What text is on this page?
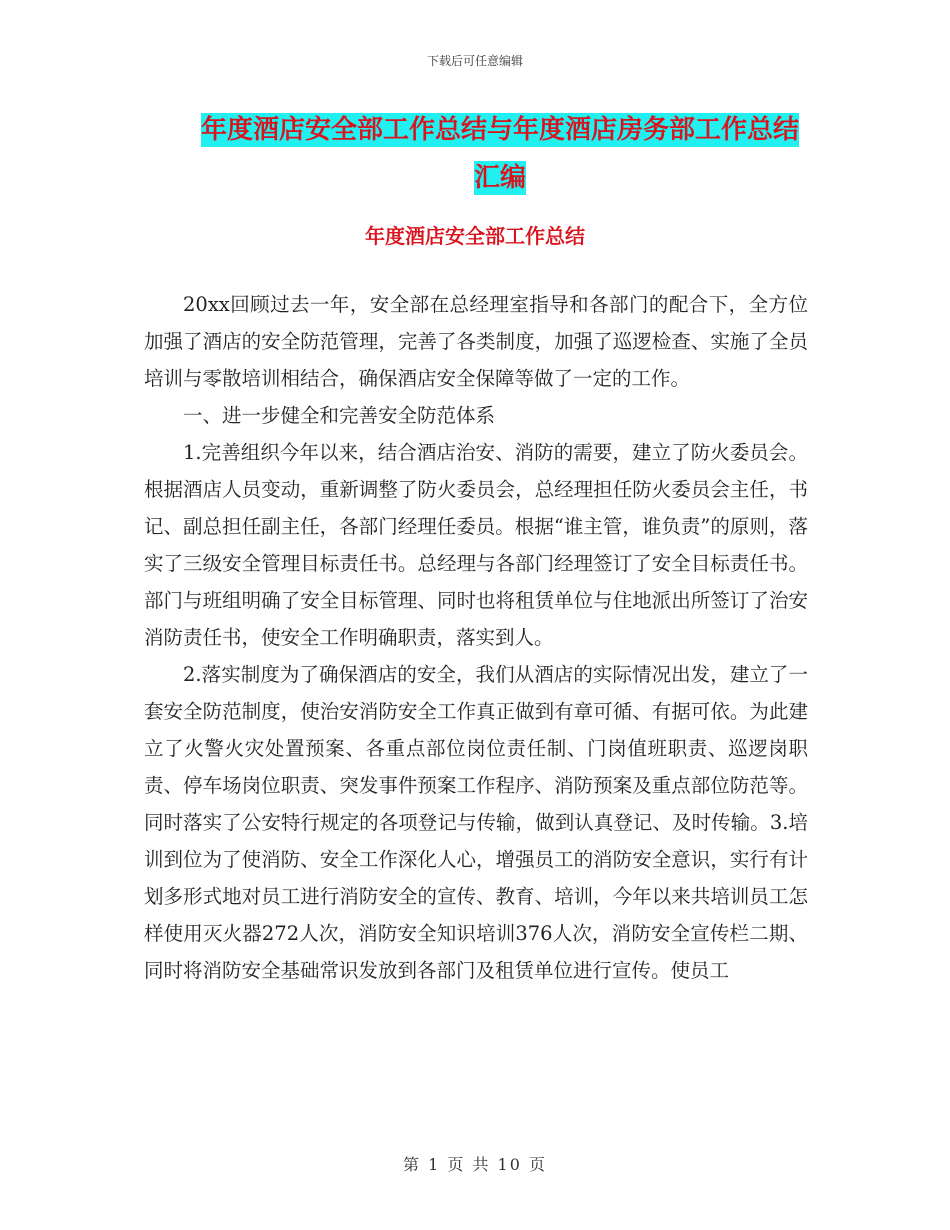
下载后可任意编辑
年度酒店安全部工作总结与年度酒店房务部工作总结
汇编
年度酒店安全部工作总结

20xx回顾过去一年，安全部在总经理室指导和各部门的配合下，全方位加强了酒店的安全防范管理，完善了各类制度，加强了巡逻检查、实施了全员培训与零散培训相结合，确保酒店安全保障等做了一定的工作。

一、进一步健全和完善安全防范体系

1.完善组织今年以来，结合酒店治安、消防的需要，建立了防火委员会。根据酒店人员变动，重新调整了防火委员会，总经理担任防火委员会主任，书记、副总担任副主任，各部门经理任委员。根据“谁主管，谁负责”的原则，落实了三级安全管理目标责任书。总经理与各部门经理签订了安全目标责任书。部门与班组明确了安全目标管理、同时也将租赁单位与住地派出所签订了治安消防责任书，使安全工作明确职责，落实到人。

2.落实制度为了确保酒店的安全，我们从酒店的实际情况出发，建立了一套安全防范制度，使治安消防安全工作真正做到有章可循、有据可依。为此建立了火警火灾处置预案、各重点部位岗位责任制、门岗值班职责、巡逻岗职责、停车场岗位职责、突发事件预案工作程序、消防预案及重点部位防范等。同时落实了公安特行规定的各项登记与传输，做到认真登记、及时传输。3.培训到位为了使消防、安全工作深化人心，增强员工的消防安全意识，实行有计划多形式地对员工进行消防安全的宣传、教育、培训，今年以来共培训员工怎样使用灭火器272人次，消防安全知识培训376人次，消防安全宣传栏二期、同时将消防安全基础常识发放到各部门及租赁单位进行宣传。使员工

第 1 页 共 10 页
